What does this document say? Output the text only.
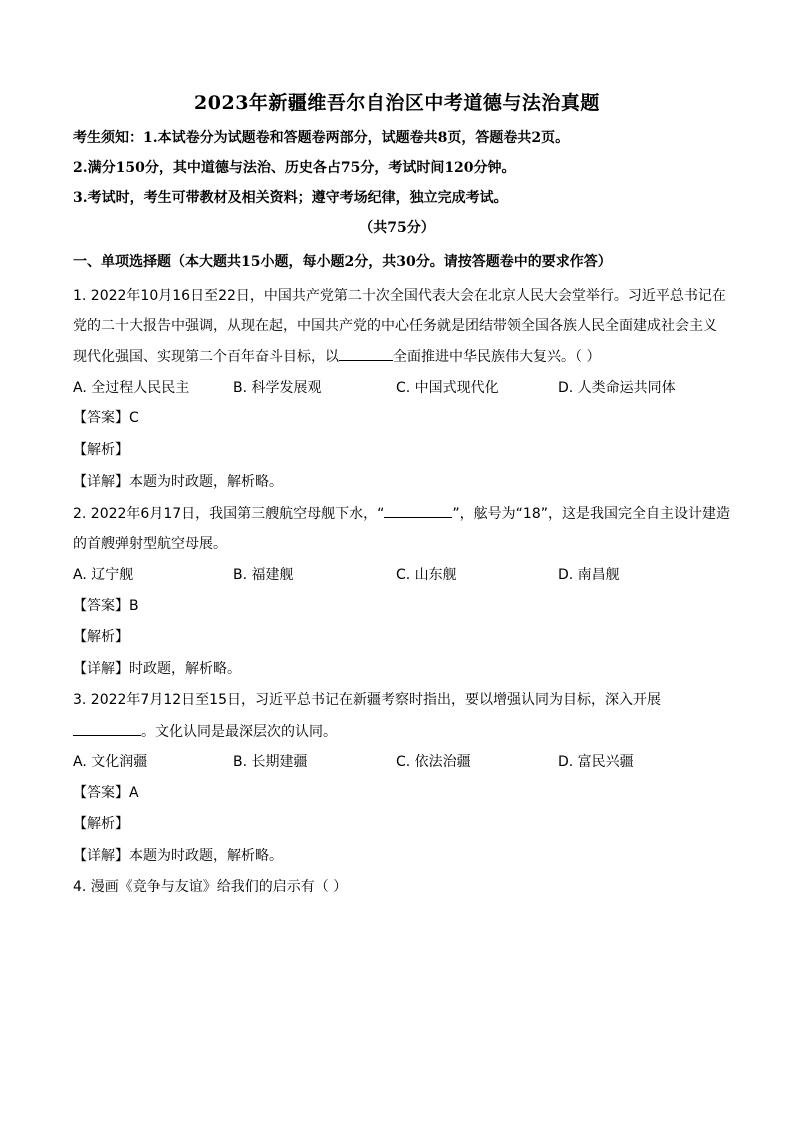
2023年新疆维吾尔自治区中考道德与法治真题
考生须知：1.本试卷分为试题卷和答题卷两部分，试题卷共8页，答题卷共2页。
2.满分150分，其中道德与法治、历史各占75分，考试时间120分钟。
3.考试时，考生可带教材及相关资料；遵守考场纪律，独立完成考试。
（共75分）
一、单项选择题（本大题共15小题，每小题2分，共30分。请按答题卷中的要求作答）
1. 2022年10月16日至22日，中国共产党第二十次全国代表大会在北京人民大会堂举行。习近平总书记在
党的二十大报告中强调，从现在起，中国共产党的中心任务就是团结带领全国各族人民全面建成社会主义
现代化强国、实现第二个百年奋斗目标，以	全面推进中华民族伟大复兴。（ ）
A. 全过程人民民主	B. 科学发展观	C. 中国式现代化	D. 人类命运共同体
【答案】C
【解析】
【详解】本题为时政题，解析略。
2. 2022年6月17日，我国第三艘航空母舰下水，“	”，舷号为“18”，这是我国完全自主设计建造
的首艘弹射型航空母展。
A. 辽宁舰	B. 福建舰	C. 山东舰	D. 南昌舰
【答案】B
【解析】
【详解】时政题，解析略。
3. 2022年7月12日至15日，习近平总书记在新疆考察时指出，要以增强认同为目标，深入开展
。文化认同是最深层次的认同。
A. 文化润疆	B. 长期建疆	C. 依法治疆	D. 富民兴疆
【答案】A
【解析】
【详解】本题为时政题，解析略。
4. 漫画《竞争与友谊》给我们的启示有（ ）
